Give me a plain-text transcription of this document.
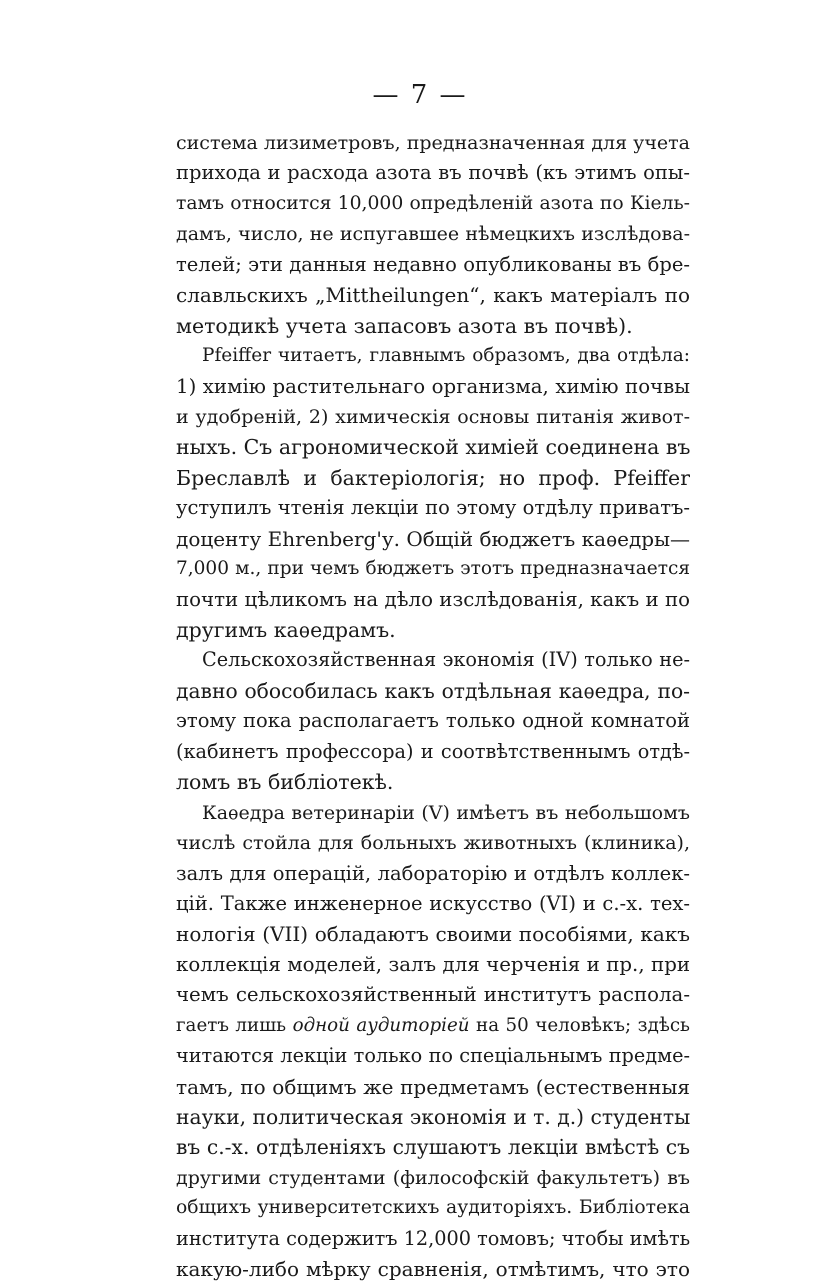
— 7 —
система лизиметровъ, предназначенная для учета
прихода и расхода азота въ почвѣ (къ этимъ опы-
тамъ относится 10,000 опредѣленій азота по Кіель-
дамъ, число, не испугавшее нѣмецкихъ изслѣдова-
телей; эти данныя недавно опубликованы въ бре-
славльскихъ „Mittheilungen“, какъ матеріалъ по
методикѣ учета запасовъ азота въ почвѣ).
Pfeiffer читаетъ, главнымъ образомъ, два отдѣла:
1) химію растительнаго организма, химію почвы
и удобреній, 2) химическія основы питанія живот-
ныхъ. Съ агрономической химіей соединена въ
Бреславлѣ и бактеріологія; но проф. Pfeiffer
уступилъ чтенія лекціи по этому отдѣлу приватъ-
доценту Ehrenberg'у. Общій бюджетъ каѳедры—
7,000 м., при чемъ бюджетъ этотъ предназначается
почти цѣликомъ на дѣло изслѣдованія, какъ и по
другимъ каѳедрамъ.
Сельскохозяйственная экономія (IV) только не-
давно обособилась какъ отдѣльная каѳедра, по-
этому пока располагаетъ только одной комнатой
(кабинетъ профессора) и соотвѣтственнымъ отдѣ-
ломъ въ библіотекѣ.
Каѳедра ветеринаріи (V) имѣетъ въ небольшомъ
числѣ стойла для больныхъ животныхъ (клиника),
залъ для операцій, лабораторію и отдѣлъ коллек-
цій. Также инженерное искусство (VI) и с.-х. тех-
нологія (VII) обладаютъ своими пособіями, какъ
коллекція моделей, залъ для черченія и пр., при
чемъ сельскохозяйственный институтъ распола-
гаетъ лишь одной аудиторіей на 50 человѣкъ; здѣсь
читаются лекціи только по спеціальнымъ предме-
тамъ, по общимъ же предметамъ (естественныя
науки, политическая экономія и т. д.) студенты
въ с.-х. отдѣленіяхъ слушаютъ лекціи вмѣстѣ съ
другими студентами (философскій факультетъ) въ
общихъ университетскихъ аудиторіяхъ. Библіотека
института содержитъ 12,000 томовъ; чтобы имѣть
какую-либо мѣрку сравненія, отмѣтимъ, что это
